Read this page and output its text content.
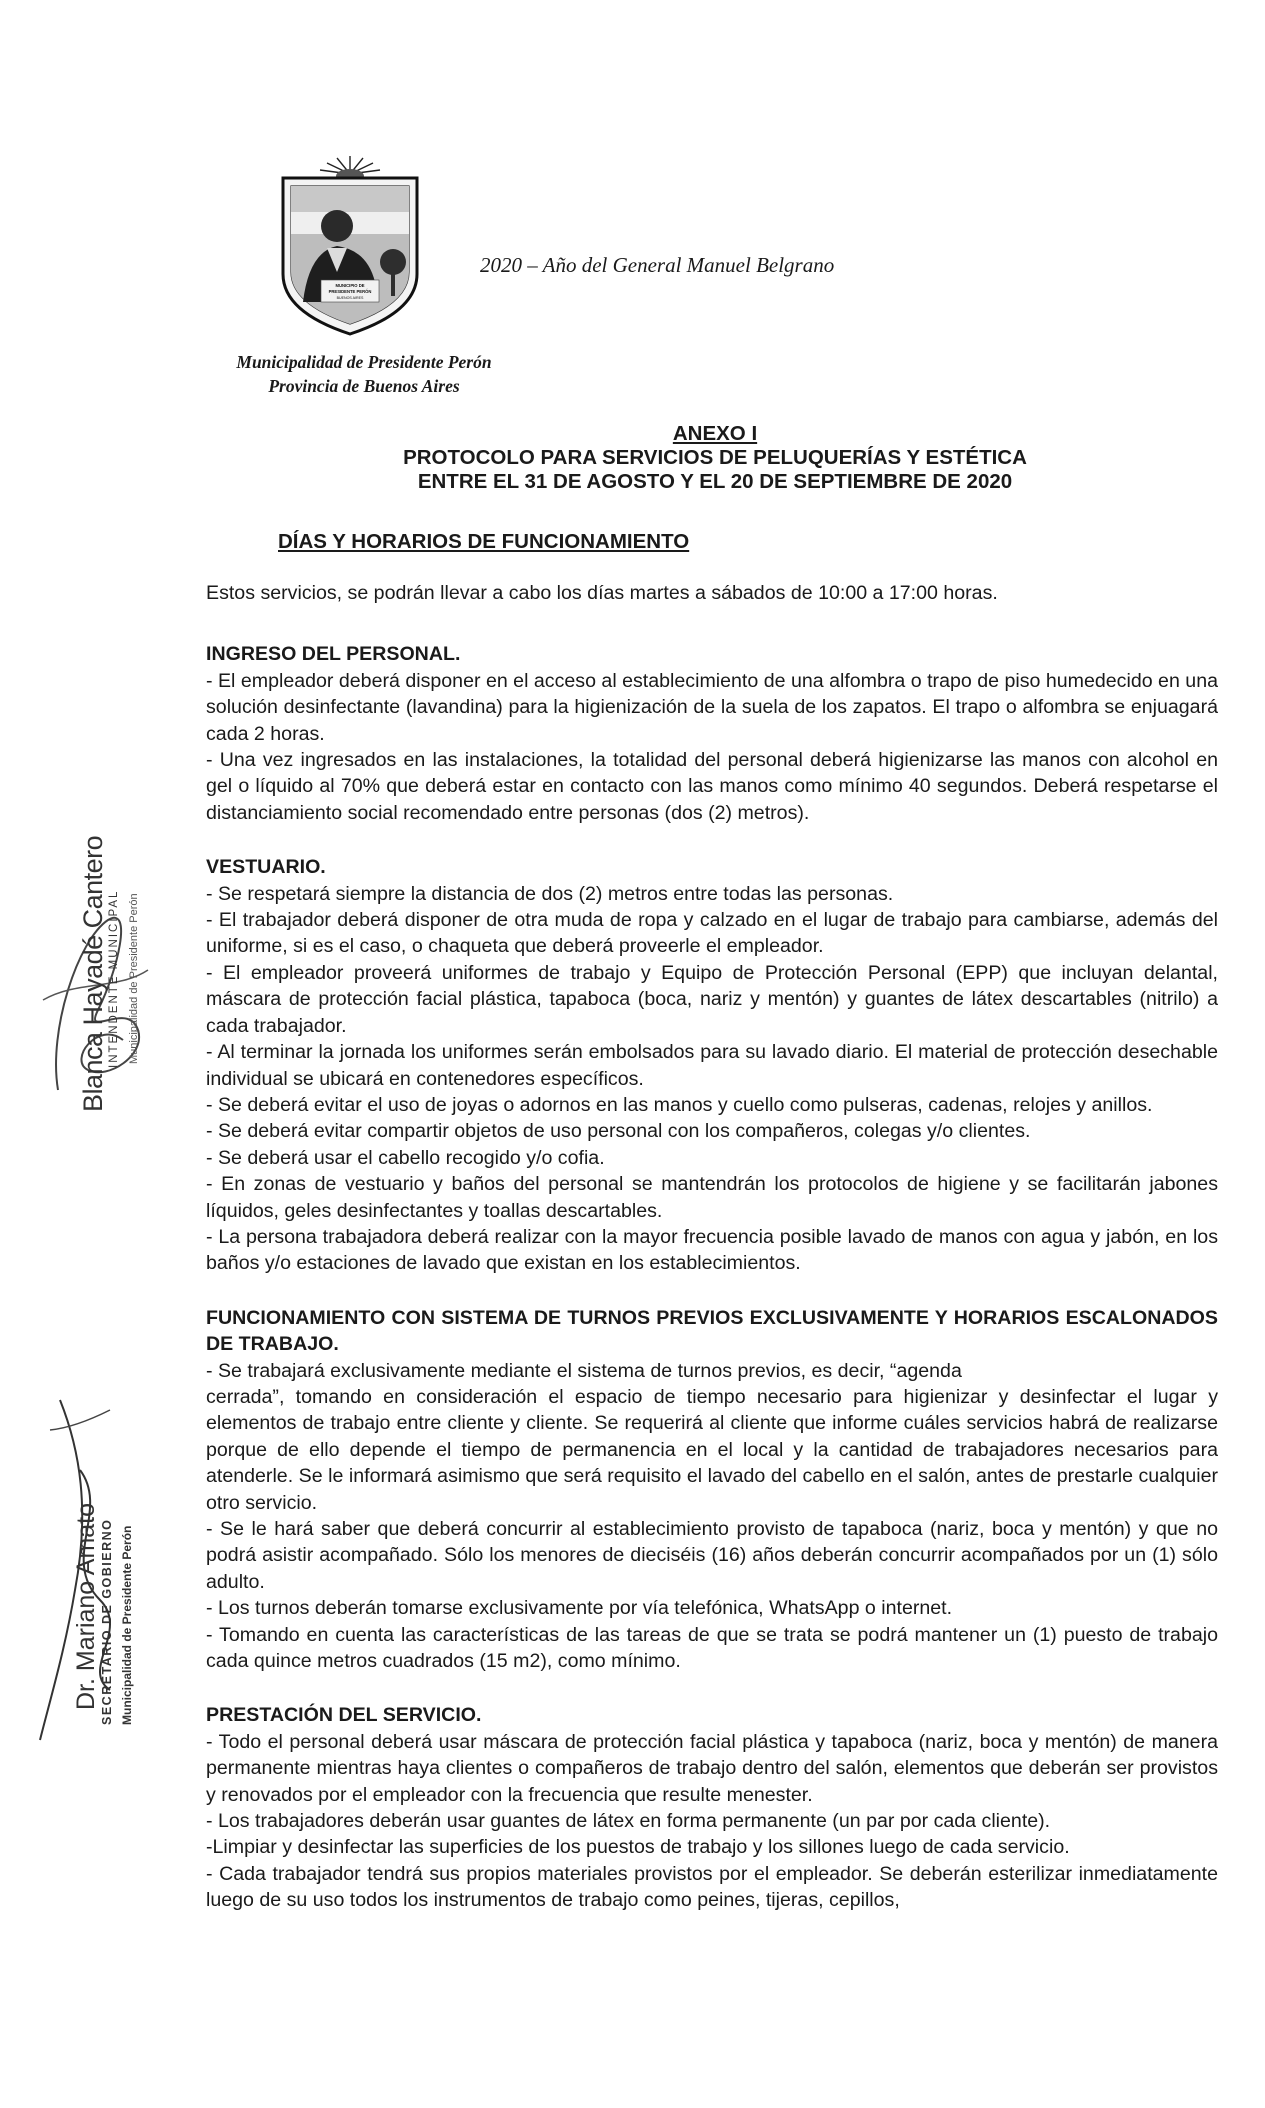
MUNICIPIO DE
PRESIDENTE PERÓN
BUENOS AIRES
2020 – Año del General Manuel Belgrano
Municipalidad de Presidente Perón
Provincia de Buenos Aires
ANEXO I
PROTOCOLO PARA SERVICIOS DE PELUQUERÍAS Y ESTÉTICA
ENTRE EL 31 DE AGOSTO Y EL 20 DE SEPTIEMBRE DE 2020
DÍAS Y HORARIOS DE FUNCIONAMIENTO

Estos servicios, se podrán llevar a cabo los días martes a sábados de 10:00 a 17:00 horas.

INGRESO DEL PERSONAL.

- El empleador deberá disponer en el acceso al establecimiento de una alfombra o trapo de piso humedecido en una solución desinfectante (lavandina) para la higienización de la suela de los zapatos. El trapo o alfombra se enjuagará cada 2 horas.

- Una vez ingresados en las instalaciones, la totalidad del personal deberá higienizarse las manos con alcohol en gel o líquido al 70% que deberá estar en contacto con las manos como mínimo 40 segundos. Deberá respetarse el distanciamiento social recomendado entre personas (dos (2) metros).

VESTUARIO.

- Se respetará siempre la distancia de dos (2) metros entre todas las personas.

- El trabajador deberá disponer de otra muda de ropa y calzado en el lugar de trabajo para cambiarse, además del uniforme, si es el caso, o chaqueta que deberá proveerle el empleador.

- El empleador proveerá uniformes de trabajo y Equipo de Protección Personal (EPP) que incluyan delantal, máscara de protección facial plástica, tapaboca (boca, nariz y mentón) y guantes de látex descartables (nitrilo) a cada trabajador.

- Al terminar la jornada los uniformes serán embolsados para su lavado diario. El material de protección desechable individual se ubicará en contenedores específicos.

- Se deberá evitar el uso de joyas o adornos en las manos y cuello como pulseras, cadenas, relojes y anillos.

- Se deberá evitar compartir objetos de uso personal con los compañeros, colegas y/o clientes.

- Se deberá usar el cabello recogido y/o cofia.

- En zonas de vestuario y baños del personal se mantendrán los protocolos de higiene y se facilitarán jabones líquidos, geles desinfectantes y toallas descartables.

- La persona trabajadora deberá realizar con la mayor frecuencia posible lavado de manos con agua y jabón, en los baños y/o estaciones de lavado que existan en los establecimientos.

FUNCIONAMIENTO CON SISTEMA DE TURNOS PREVIOS EXCLUSIVAMENTE Y HORARIOS ESCALONADOS DE TRABAJO.

- Se trabajará exclusivamente mediante el sistema de turnos previos, es decir, “agenda

cerrada”, tomando en consideración el espacio de tiempo necesario para higienizar y desinfectar el lugar y elementos de trabajo entre cliente y cliente. Se requerirá al cliente que informe cuáles servicios habrá de realizarse porque de ello depende el tiempo de permanencia en el local y la cantidad de trabajadores necesarios para atenderle. Se le informará asimismo que será requisito el lavado del cabello en el salón, antes de prestarle cualquier otro servicio.

- Se le hará saber que deberá concurrir al establecimiento provisto de tapaboca (nariz, boca y mentón) y que no podrá asistir acompañado. Sólo los menores de dieciséis (16) años deberán concurrir acompañados por un (1) sólo adulto.

- Los turnos deberán tomarse exclusivamente por vía telefónica, WhatsApp o internet.

- Tomando en cuenta las características de las tareas de que se trata se podrá mantener un (1) puesto de trabajo cada quince metros cuadrados (15 m2), como mínimo.

PRESTACIÓN DEL SERVICIO.

- Todo el personal deberá usar máscara de protección facial plástica y tapaboca (nariz, boca y mentón) de manera permanente mientras haya clientes o compañeros de trabajo dentro del salón, elementos que deberán ser provistos y renovados por el empleador con la frecuencia que resulte menester.

- Los trabajadores deberán usar guantes de látex en forma permanente (un par por cada cliente).

-Limpiar y desinfectar las superficies de los puestos de trabajo y los sillones luego de cada servicio.

- Cada trabajador tendrá sus propios materiales provistos por el empleador. Se deberán esterilizar inmediatamente luego de su uso todos los instrumentos de trabajo como peines, tijeras, cepillos,

Blanca Hayadé Cantero INTENDENTE MUNICIPAL Municipalidad de Presidente Perón
Dr. Mariano Amato SECRETARIO DE GOBIERNO Municipalidad de Presidente Perón
